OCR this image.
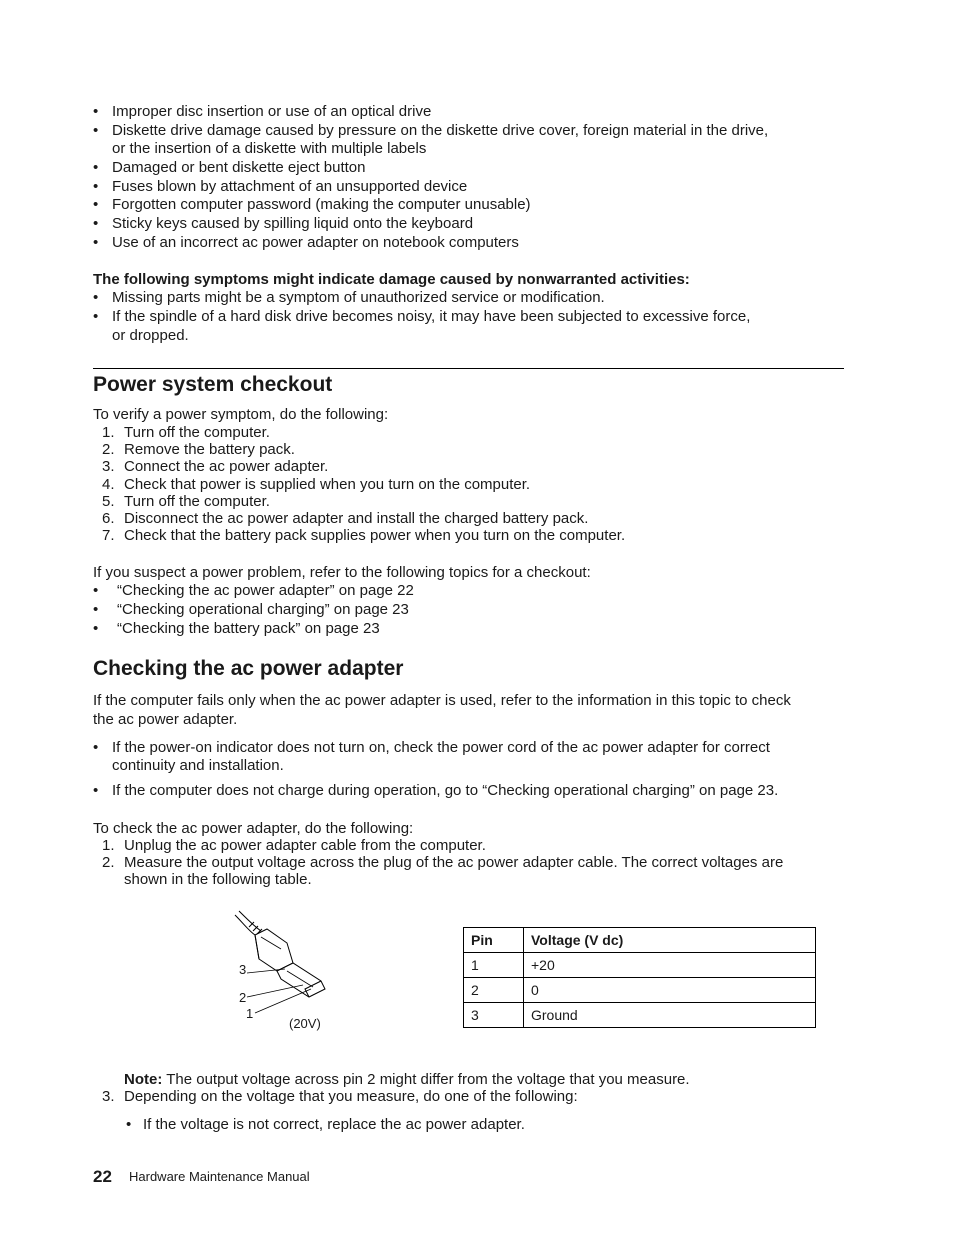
• Improper disc insertion or use of an optical drive
• Diskette drive damage caused by pressure on the diskette drive cover, foreign material in the drive,
or the insertion of a diskette with multiple labels
• Damaged or bent diskette eject button
• Fuses blown by attachment of an unsupported device
• Forgotten computer password (making the computer unusable)
• Sticky keys caused by spilling liquid onto the keyboard
• Use of an incorrect ac power adapter on notebook computers
The following symptoms might indicate damage caused by nonwarranted activities:
• Missing parts might be a symptom of unauthorized service or modification.
• If the spindle of a hard disk drive becomes noisy, it may have been subjected to excessive force,
or dropped.
Power system checkout
To verify a power symptom, do the following:
1. Turn off the computer.
2. Remove the battery pack.
3. Connect the ac power adapter.
4. Check that power is supplied when you turn on the computer.
5. Turn off the computer.
6. Disconnect the ac power adapter and install the charged battery pack.
7. Check that the battery pack supplies power when you turn on the computer.
If you suspect a power problem, refer to the following topics for a checkout:
• “Checking the ac power adapter” on page 22
• “Checking operational charging” on page 23
• “Checking the battery pack” on page 23
Checking the ac power adapter
If the computer fails only when the ac power adapter is used, refer to the information in this topic to check
the ac power adapter.
• If the power-on indicator does not turn on, check the power cord of the ac power adapter for correct
continuity and installation.
• If the computer does not charge during operation, go to “Checking operational charging” on page 23.
To check the ac power adapter, do the following:
1. Unplug the ac power adapter cable from the computer.
2. Measure the output voltage across the plug of the ac power adapter cable. The correct voltages are
shown in the following table.
3
2
1
(20V)
Pin	Voltage (V dc)
1	+20
2	0
3	Ground
Note: The output voltage across pin 2 might differ from the voltage that you measure.
3. Depending on the voltage that you measure, do one of the following:
• If the voltage is not correct, replace the ac power adapter.
22 Hardware Maintenance Manual
